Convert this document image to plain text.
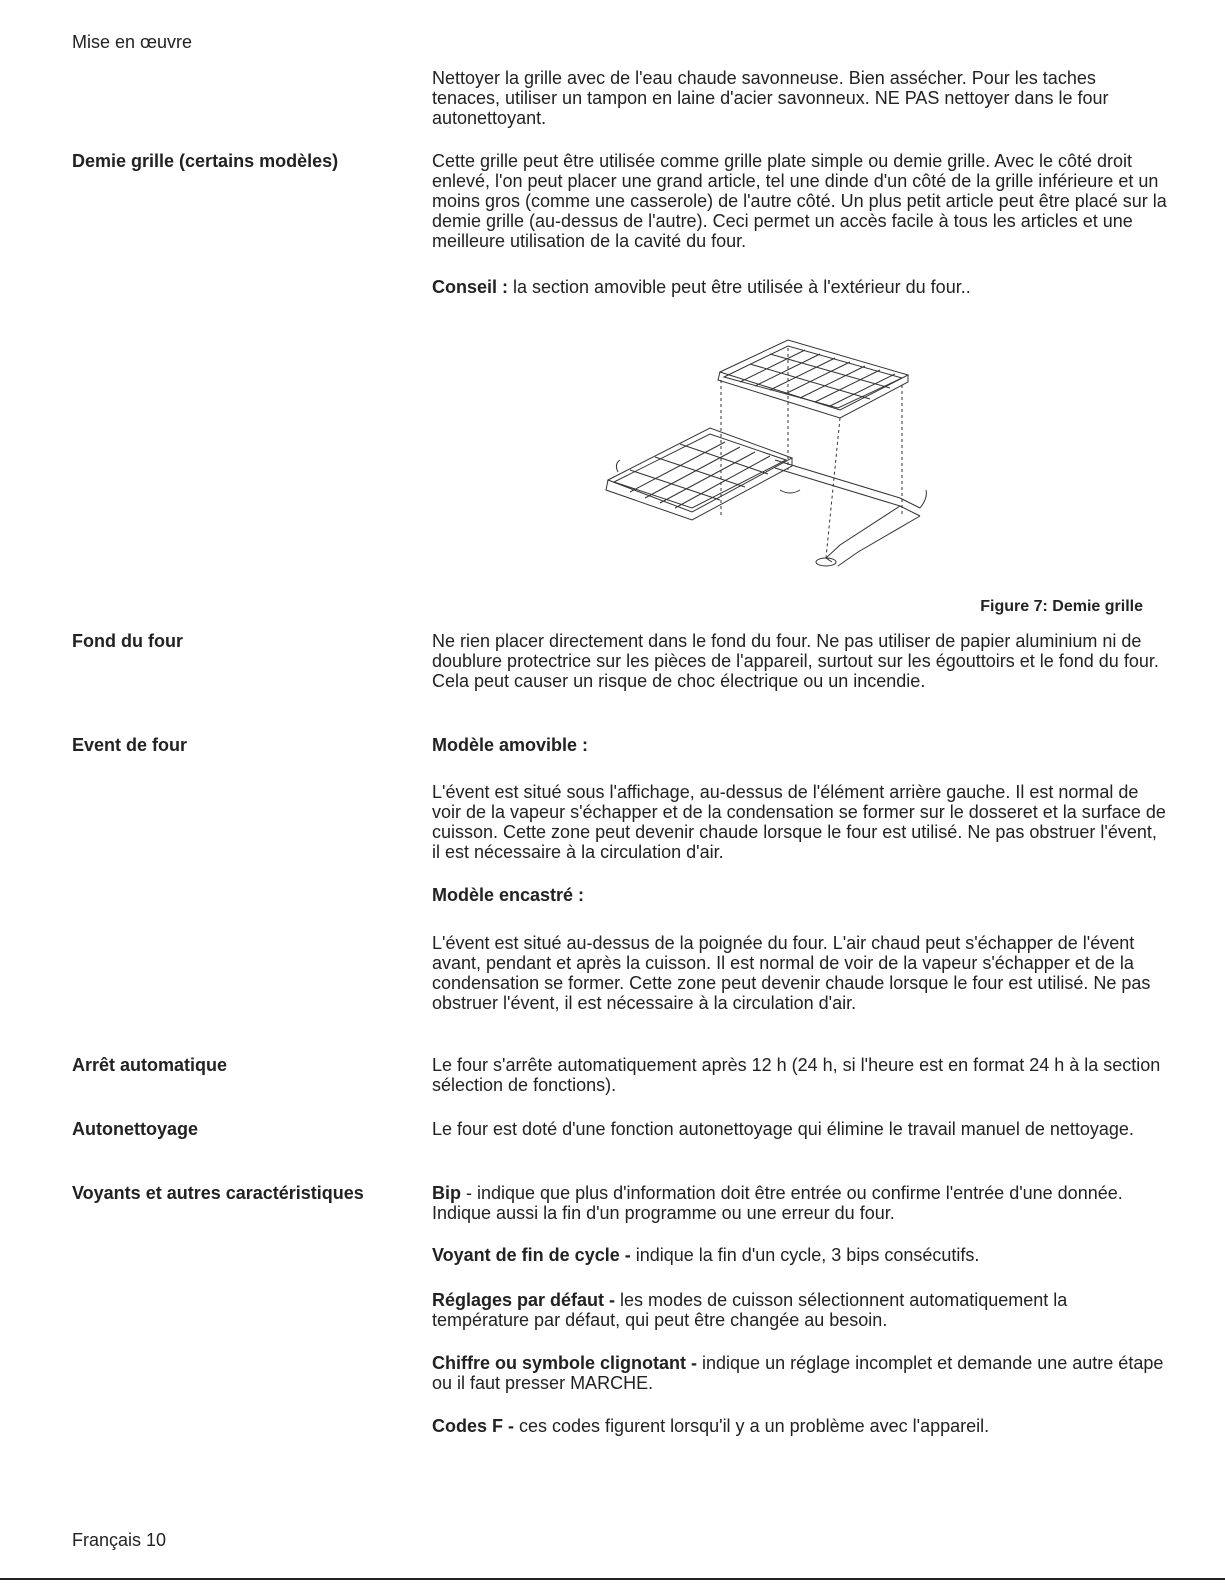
Mise en œuvre
Nettoyer la grille avec de l'eau chaude savonneuse. Bien assécher. Pour les taches tenaces, utiliser un tampon en laine d'acier savonneux. NE PAS nettoyer dans le four autonettoyant.
Demie grille (certains modèles)	Cette grille peut être utilisée comme grille plate simple ou demie grille. Avec le côté droit enlevé, l'on peut placer une grand article, tel une dinde d'un côté de la grille inférieure et un moins gros (comme une casserole) de l'autre côté. Un plus petit article peut être placé sur la demie grille (au-dessus de l'autre). Ceci permet un accès facile à tous les articles et une meilleure utilisation de la cavité du four.
Conseil : la section amovible peut être utilisée à l'extérieur du four..
Figure 7: Demie grille
Fond du four	Ne rien placer directement dans le fond du four. Ne pas utiliser de papier aluminium ni de doublure protectrice sur les pièces de l'appareil, surtout sur les égouttoirs et le fond du four. Cela peut causer un risque de choc électrique ou un incendie.
Event de four	Modèle amovible :
L'évent est situé sous l'affichage, au-dessus de l'élément arrière gauche. Il est normal de voir de la vapeur s'échapper et de la condensation se former sur le dosseret et la surface de cuisson. Cette zone peut devenir chaude lorsque le four est utilisé. Ne pas obstruer l'évent, il est nécessaire à la circulation d'air.
Modèle encastré :
L'évent est situé au-dessus de la poignée du four. L'air chaud peut s'échapper de l'évent avant, pendant et après la cuisson. Il est normal de voir de la vapeur s'échapper et de la condensation se former. Cette zone peut devenir chaude lorsque le four est utilisé. Ne pas obstruer l'évent, il est nécessaire à la circulation d'air.
Arrêt automatique	Le four s'arrête automatiquement après 12 h (24 h, si l'heure est en format 24 h à la section sélection de fonctions).
Autonettoyage	Le four est doté d'une fonction autonettoyage qui élimine le travail manuel de nettoyage.
Voyants et autres caractéristiques	Bip - indique que plus d'information doit être entrée ou confirme l'entrée d'une donnée. Indique aussi la fin d'un programme ou une erreur du four.
Voyant de fin de cycle - indique la fin d'un cycle, 3 bips consécutifs.
Réglages par défaut - les modes de cuisson sélectionnent automatiquement la température par défaut, qui peut être changée au besoin.
Chiffre ou symbole clignotant - indique un réglage incomplet et demande une autre étape ou il faut presser MARCHE.
Codes F - ces codes figurent lorsqu'il y a un problème avec l'appareil.
Français 10
